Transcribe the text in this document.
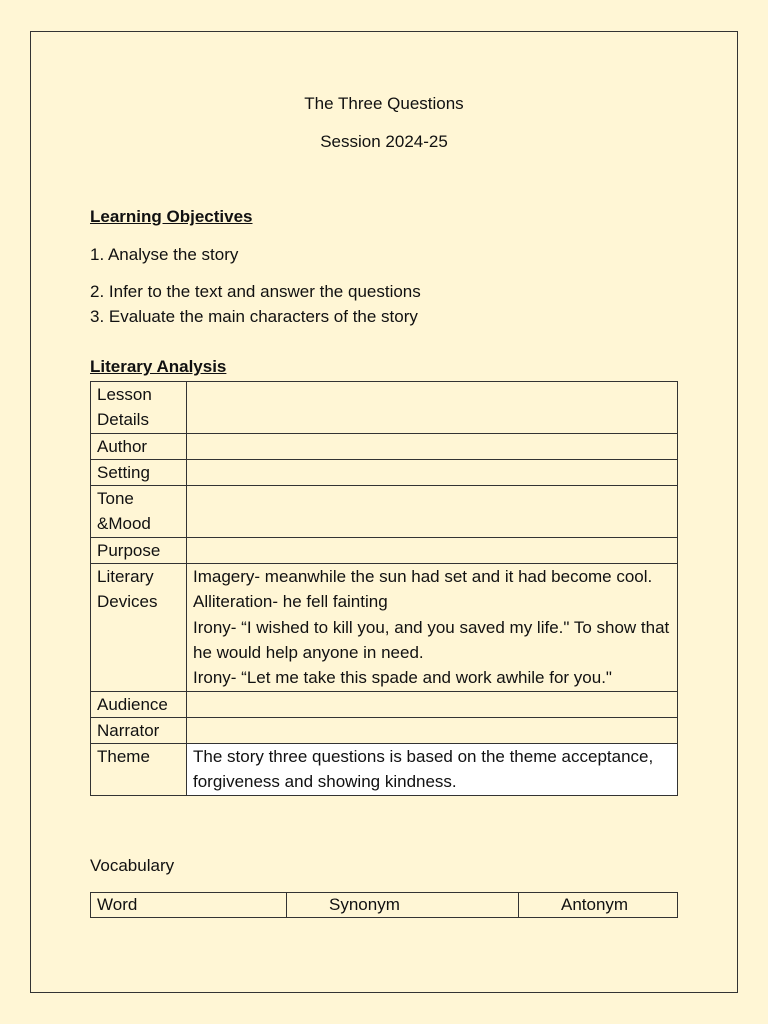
The Three Questions
Session 2024-25
Learning Objectives
1. Analyse the story
2. Infer to the text and answer the questions
3. Evaluate the main characters of the story
Literary Analysis
Lesson Details	
Author	
Setting	
Tone &Mood	
Purpose	
Literary Devices	Imagery- meanwhile the sun had set and it had become cool.
Alliteration- he fell fainting
Irony- “I wished to kill you, and you saved my life." To show that he would help anyone in need.
Irony- “Let me take this spade and work awhile for you."

Audience	
Narrator	
Theme	The story three questions is based on the theme acceptance, forgiveness and showing kindness.
Vocabulary
Word	Synonym	Antonym
